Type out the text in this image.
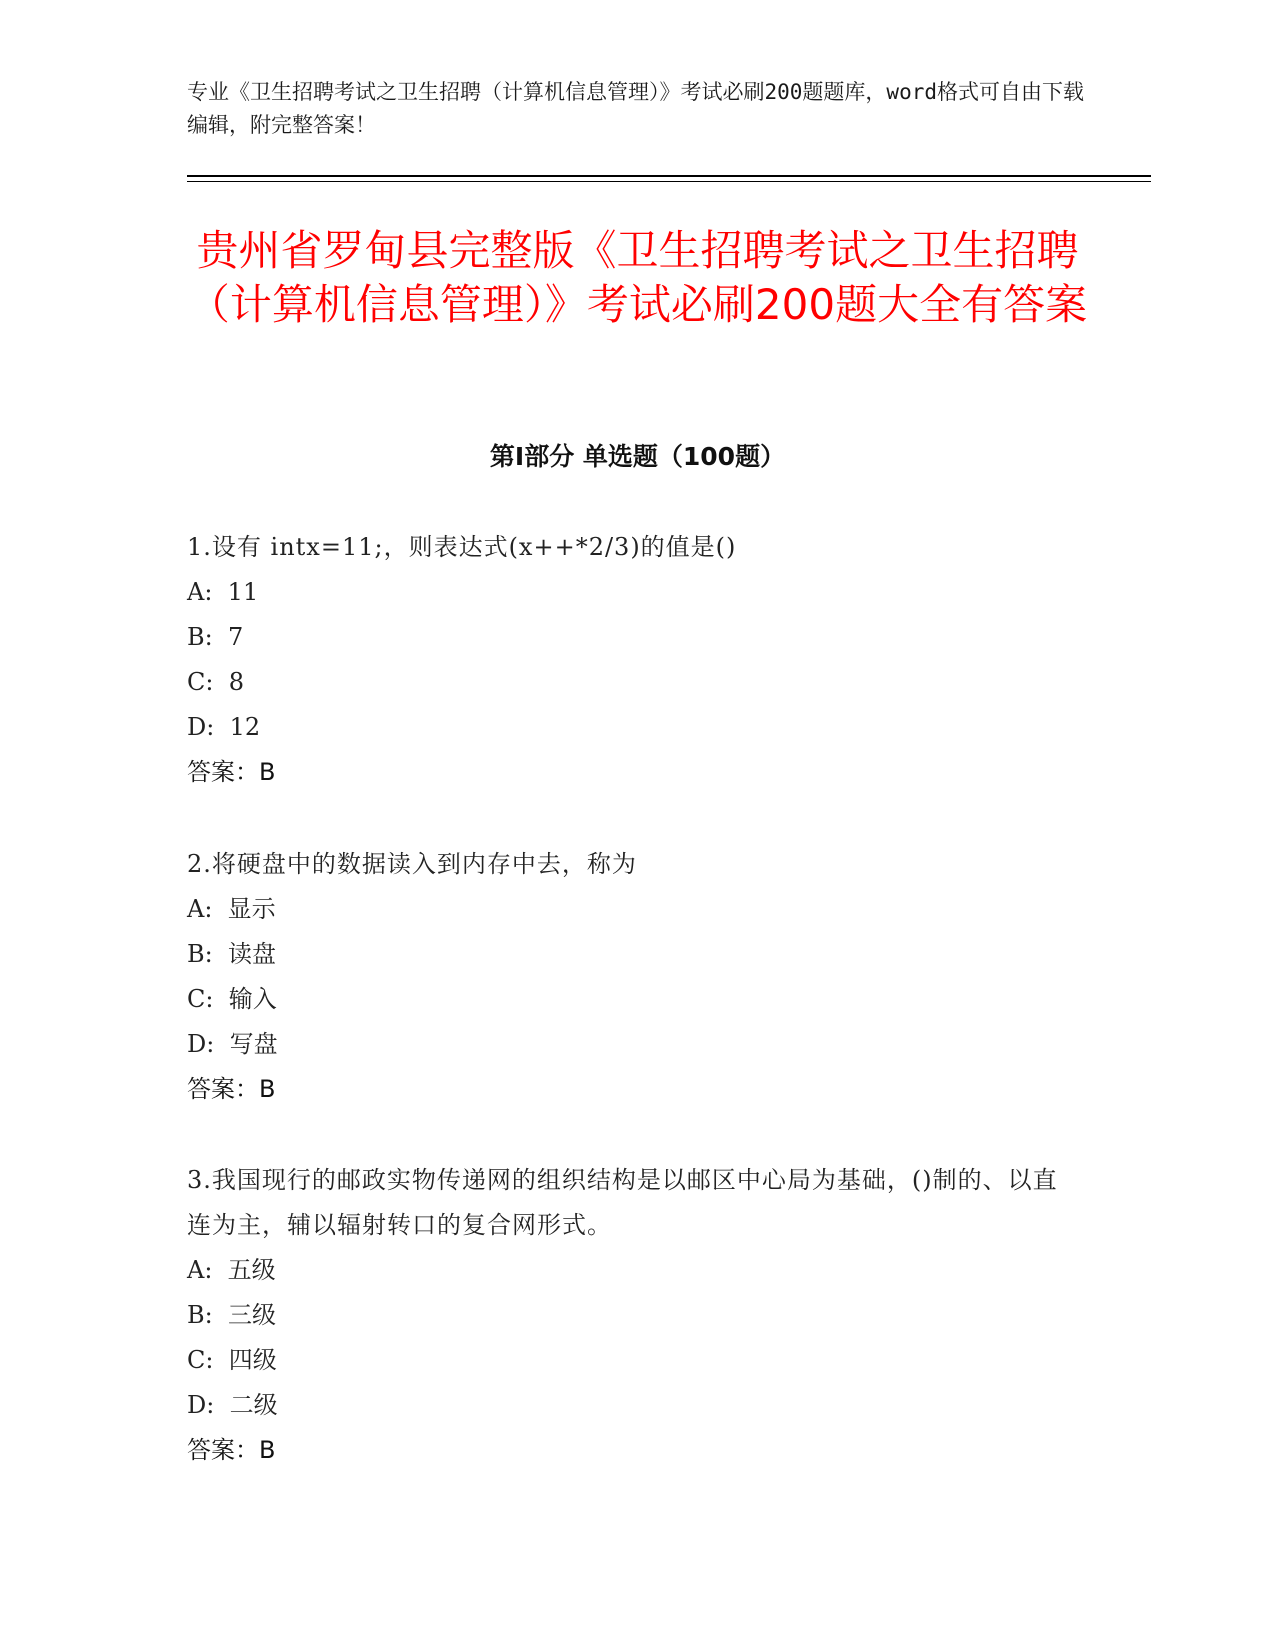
专业《卫生招聘考试之卫生招聘（计算机信息管理）》考试必刷200题题库，word格式可自由下载编辑，附完整答案！
贵州省罗甸县完整版《卫生招聘考试之卫生招聘（计算机信息管理）》考试必刷200题大全有答案
第Ⅰ部分 单选题（100题）
1.设有 intx=11;，则表达式(x++*2/3)的值是()
A:  11
B:  7
C:  8
D:  12
答案：B
2.将硬盘中的数据读入到内存中去，称为
A:  显示
B:  读盘
C:  输入
D:  写盘
答案：B
3.我国现行的邮政实物传递网的组织结构是以邮区中心局为基础，()制的、以直连为主，辅以辐射转口的复合网形式。
A:  五级
B:  三级
C:  四级
D:  二级
答案：B
